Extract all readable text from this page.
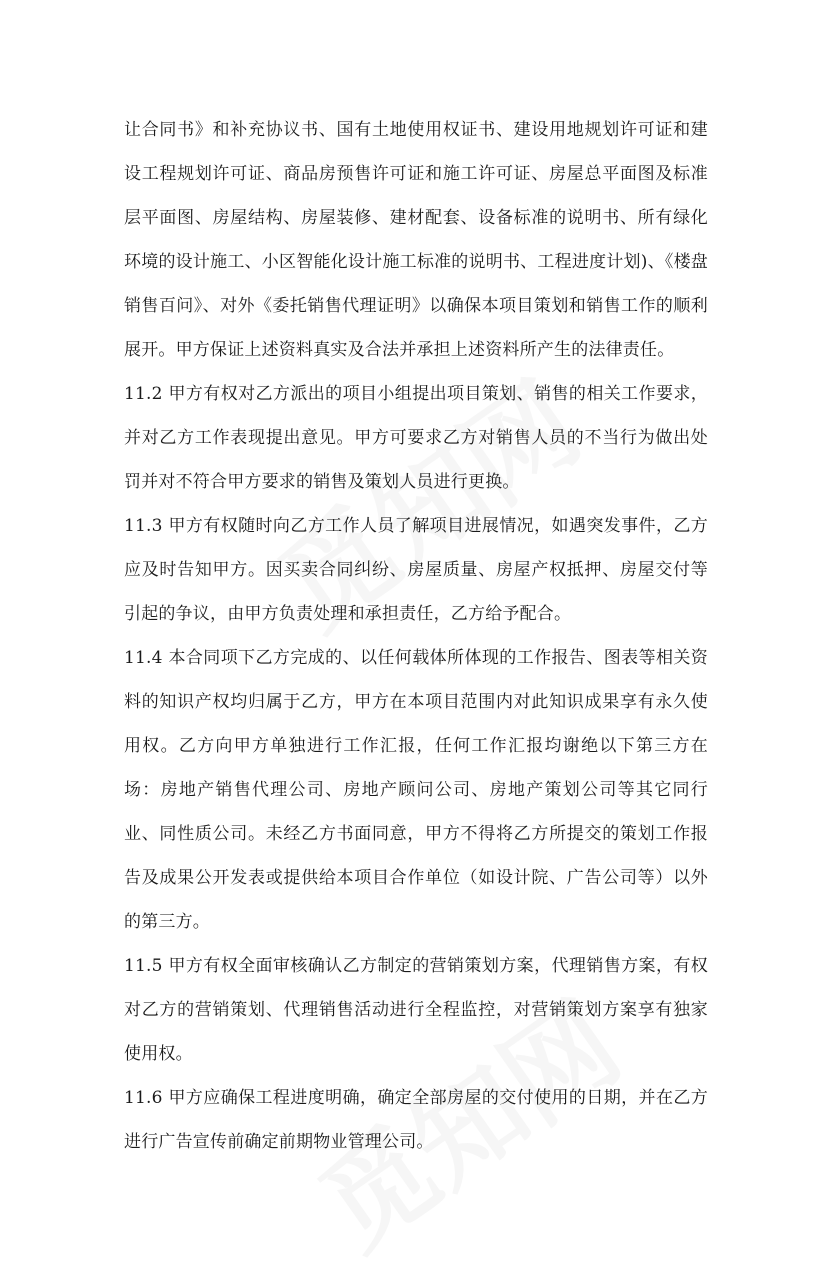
让合同书》和补充协议书、国有土地使用权证书、建设用地规划许可证和建设工程规划许可证、商品房预售许可证和施工许可证、房屋总平面图及标准层平面图、房屋结构、房屋装修、建材配套、设备标准的说明书、所有绿化环境的设计施工、小区智能化设计施工标准的说明书、工程进度计划)、《楼盘销售百问》、对外《委托销售代理证明》以确保本项目策划和销售工作的顺利展开。甲方保证上述资料真实及合法并承担上述资料所产生的法律责任。

11.2 甲方有权对乙方派出的项目小组提出项目策划、销售的相关工作要求，并对乙方工作表现提出意见。甲方可要求乙方对销售人员的不当行为做出处罚并对不符合甲方要求的销售及策划人员进行更换。

11.3 甲方有权随时向乙方工作人员了解项目进展情况，如遇突发事件，乙方应及时告知甲方。因买卖合同纠纷、房屋质量、房屋产权抵押、房屋交付等引起的争议，由甲方负责处理和承担责任，乙方给予配合。

11.4 本合同项下乙方完成的、以任何载体所体现的工作报告、图表等相关资料的知识产权均归属于乙方，甲方在本项目范围内对此知识成果享有永久使用权。乙方向甲方单独进行工作汇报，任何工作汇报均谢绝以下第三方在场：房地产销售代理公司、房地产顾问公司、房地产策划公司等其它同行业、同性质公司。未经乙方书面同意，甲方不得将乙方所提交的策划工作报告及成果公开发表或提供给本项目合作单位（如设计院、广告公司等）以外的第三方。

11.5 甲方有权全面审核确认乙方制定的营销策划方案，代理销售方案，有权对乙方的营销策划、代理销售活动进行全程监控，对营销策划方案享有独家使用权。

11.6 甲方应确保工程进度明确，确定全部房屋的交付使用的日期，并在乙方进行广告宣传前确定前期物业管理公司。
